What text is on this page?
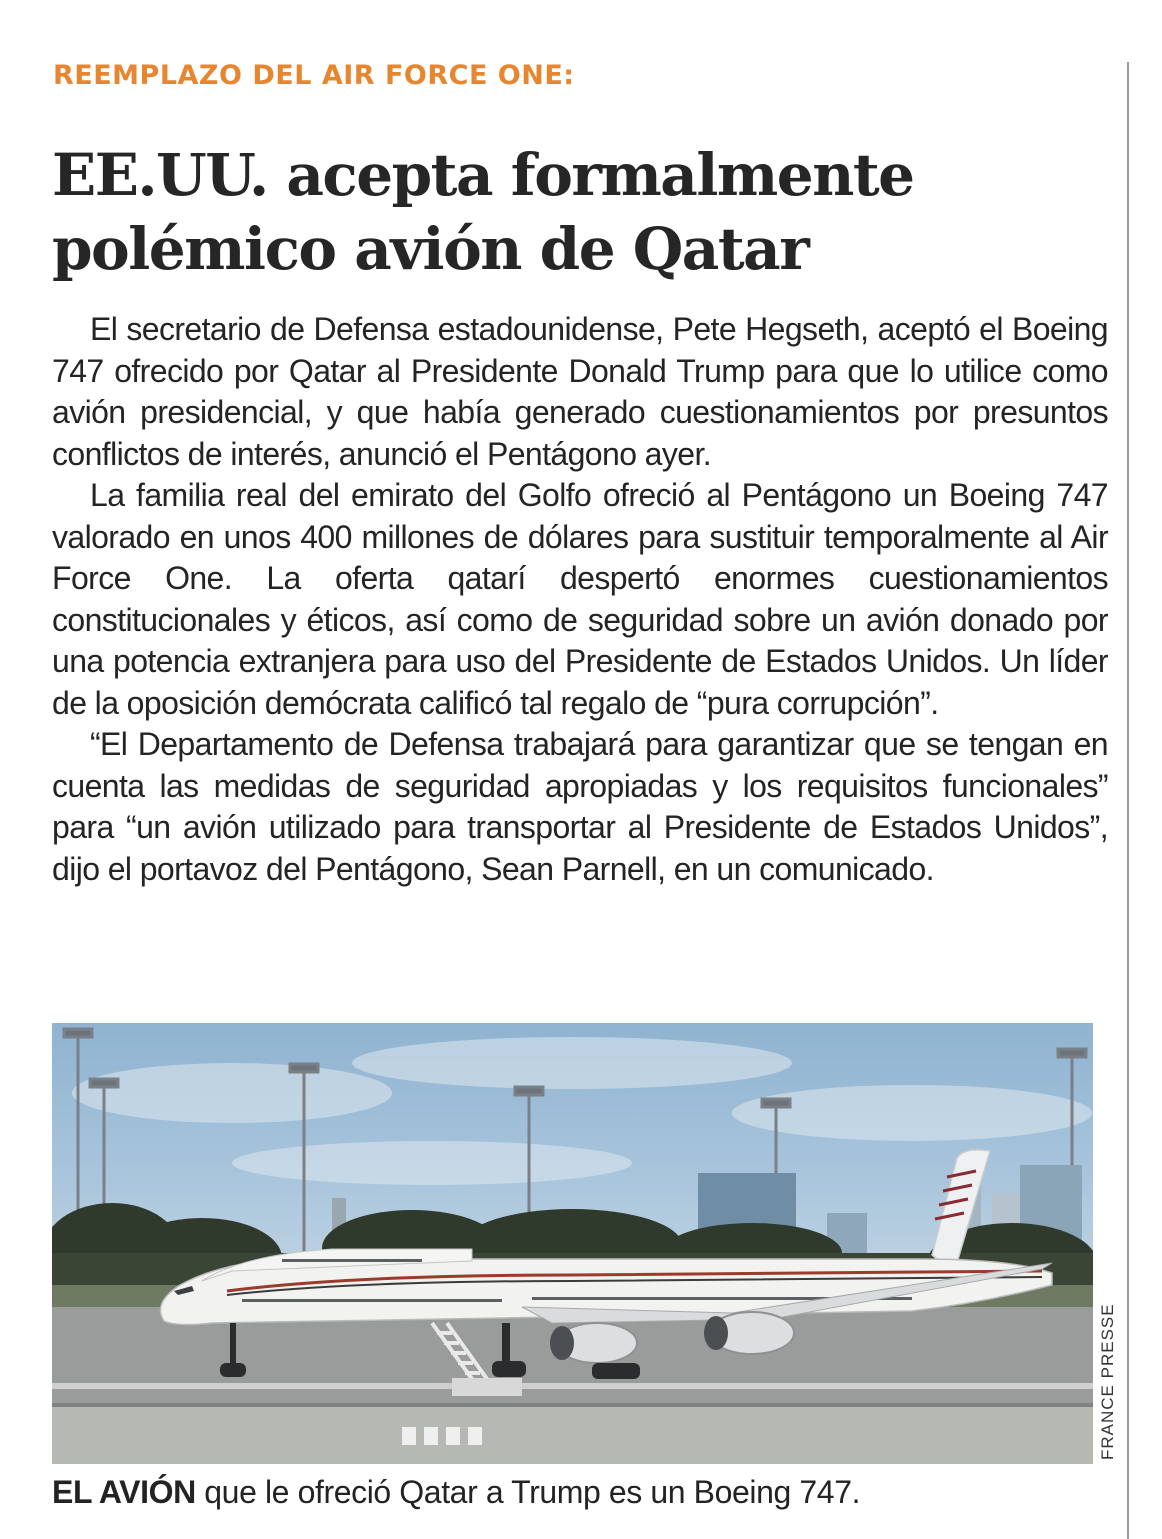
REEMPLAZO DEL AIR FORCE ONE:
EE.UU. acepta formalmente
polémico avión de Qatar

El secretario de Defensa estadounidense, Pete Hegseth, aceptó el Boeing 747 ofrecido por Qatar al Presidente Donald Trump para que lo utilice como avión presidencial, y que había generado cuestionamientos por presuntos conflictos de interés, anunció el Pentágono ayer.

La familia real del emirato del Golfo ofreció al Pentágono un Boeing 747 valorado en unos 400 millones de dólares para sustituir temporalmente al Air Force One. La oferta qatarí despertó enormes cuestionamientos constitucionales y éticos, así como de seguridad sobre un avión donado por una potencia extranjera para uso del Presidente de Estados Unidos. Un líder de la oposición demócrata calificó tal regalo de “pura corrupción”.

“El Departamento de Defensa trabajará para garantizar que se tengan en cuenta las medidas de seguridad apropiadas y los requisitos funcionales” para “un avión utilizado para transportar al Presidente de Estados Unidos”, dijo el portavoz del Pentágono, Sean Parnell, en un comunicado.

FRANCE PRESSE

EL AVIÓN que le ofreció Qatar a Trump es un Boeing 747.
